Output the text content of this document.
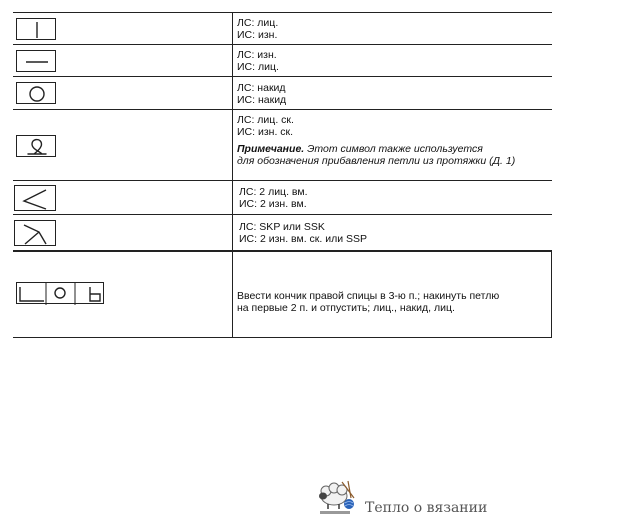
ЛС: лиц.
ИС: изн.
ЛС: изн.
ИС: лиц.
ЛС: накид
ИС: накид
ЛС: лиц. ск.
ИС: изн. ск.
Примечание. Этот символ также используется
для обозначения прибавления петли из протяжки (Д. 1)
ЛС: 2 лиц. вм.
ИС: 2 изн. вм.
ЛС: SKP или SSK
ИС: 2 изн. вм. ск. или SSP
Ввести кончик правой спицы в 3-ю п.; накинуть петлю
на первые 2 п. и отпустить; лиц., накид, лиц.
Тепло о вязании
